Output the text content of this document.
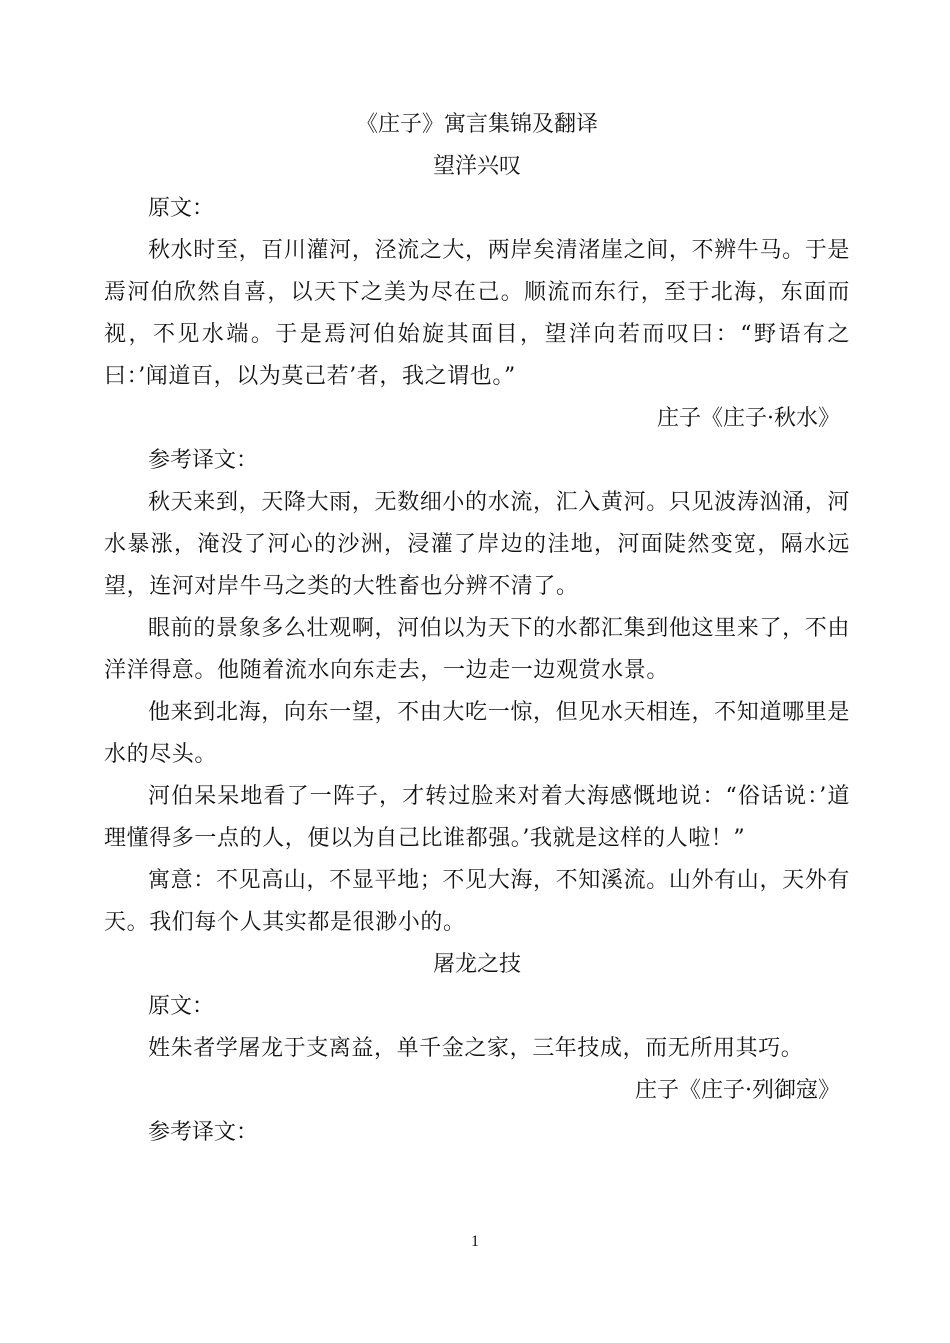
《庄子》寓言集锦及翻译
望洋兴叹

原文：

秋水时至，百川灌河，泾流之大，两岸矣清渚崖之间，不辨牛马。于是焉河伯欣然自喜，以天下之美为尽在己。顺流而东行，至于北海，东面而视，不见水端。于是焉河伯始旋其面目，望洋向若而叹曰：“野语有之曰：’闻道百，以为莫己若’者，我之谓也。”

庄子《庄子·秋水》

参考译文：

秋天来到，天降大雨，无数细小的水流，汇入黄河。只见波涛汹涌，河水暴涨，淹没了河心的沙洲，浸灌了岸边的洼地，河面陡然变宽，隔水远望，连河对岸牛马之类的大牲畜也分辨不清了。

眼前的景象多么壮观啊，河伯以为天下的水都汇集到他这里来了，不由洋洋得意。他随着流水向东走去，一边走一边观赏水景。

他来到北海，向东一望，不由大吃一惊，但见水天相连，不知道哪里是水的尽头。

河伯呆呆地看了一阵子，才转过脸来对着大海感慨地说：“俗话说：’道理懂得多一点的人，便以为自己比谁都强。’我就是这样的人啦！”

寓意：不见高山，不显平地；不见大海，不知溪流。山外有山，天外有天。我们每个人其实都是很渺小的。

屠龙之技

原文：

姓朱者学屠龙于支离益，单千金之家，三年技成，而无所用其巧。

庄子《庄子·列御寇》

参考译文：

1
